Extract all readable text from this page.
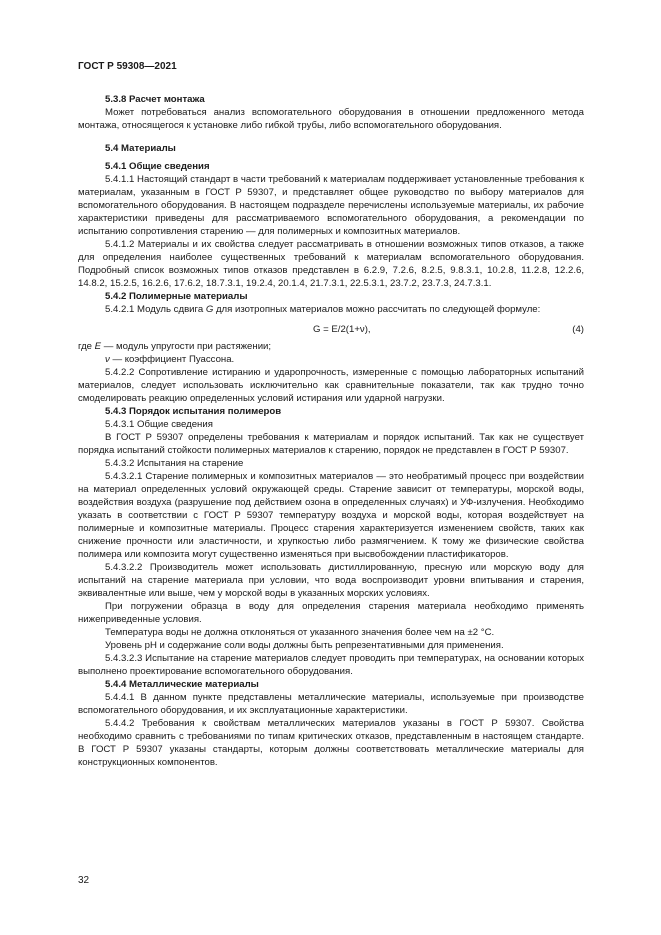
ГОСТ Р 59308—2021

5.3.8 Расчет монтажа

Может потребоваться анализ вспомогательного оборудования в отношении предложенного метода монтажа, относящегося к установке либо гибкой трубы, либо вспомогательного оборудования.

5.4 Материалы

5.4.1 Общие сведения

5.4.1.1 Настоящий стандарт в части требований к материалам поддерживает установленные требования к материалам, указанным в ГОСТ Р 59307, и представляет общее руководство по выбору материалов для вспомогательного оборудования. В настоящем подразделе перечислены используемые материалы, их рабочие характеристики приведены для рассматриваемого вспомогательного оборудования, а рекомендации по испытанию сопротивления старению — для полимерных и композитных материалов.

5.4.1.2 Материалы и их свойства следует рассматривать в отношении возможных типов отказов, а также для определения наиболее существенных требований к материалам вспомогательного оборудования. Подробный список возможных типов отказов представлен в 6.2.9, 7.2.6, 8.2.5, 9.8.3.1, 10.2.8, 11.2.8, 12.2.6, 14.8.2, 15.2.5, 16.2.6, 17.6.2, 18.7.3.1, 19.2.4, 20.1.4, 21.7.3.1, 22.5.3.1, 23.7.2, 23.7.3, 24.7.3.1.

5.4.2 Полимерные материалы

5.4.2.1 Модуль сдвига G для изотропных материалов можно рассчитать по следующей формуле:

G = E/2(1+ν),	(4)

где E — модуль упругости при растяжении;

ν — коэффициент Пуассона.

5.4.2.2 Сопротивление истиранию и ударопрочность, измеренные с помощью лабораторных испытаний материалов, следует использовать исключительно как сравнительные показатели, так как трудно точно смоделировать реакцию определенных условий истирания или ударной нагрузки.

5.4.3 Порядок испытания полимеров

5.4.3.1 Общие сведения

В ГОСТ Р 59307 определены требования к материалам и порядок испытаний. Так как не существует порядка испытаний стойкости полимерных материалов к старению, порядок не представлен в ГОСТ Р 59307.

5.4.3.2 Испытания на старение

5.4.3.2.1 Старение полимерных и композитных материалов — это необратимый процесс при воздействии на материал определенных условий окружающей среды. Старение зависит от температуры, морской воды, воздействия воздуха (разрушение под действием озона в определенных случаях) и УФ-излучения. Необходимо указать в соответствии с ГОСТ Р 59307 температуру воздуха и морской воды, которая воздействует на полимерные и композитные материалы. Процесс старения характеризуется изменением свойств, таких как снижение прочности или эластичности, и хрупкостью либо размягчением. К тому же физические свойства полимера или композита могут существенно изменяться при высвобождении пластификаторов.

5.4.3.2.2 Производитель может использовать дистиллированную, пресную или морскую воду для испытаний на старение материала при условии, что вода воспроизводит уровни впитывания и старения, эквивалентные или выше, чем у морской воды в указанных морских условиях.

При погружении образца в воду для определения старения материала необходимо применять нижеприведенные условия.

Температура воды не должна отклоняться от указанного значения более чем на ±2 °С.

Уровень pH и содержание соли воды должны быть репрезентативными для применения.

5.4.3.2.3 Испытание на старение материалов следует проводить при температурах, на основании которых выполнено проектирование вспомогательного оборудования.

5.4.4 Металлические материалы

5.4.4.1 В данном пункте представлены металлические материалы, используемые при производстве вспомогательного оборудования, и их эксплуатационные характеристики.

5.4.4.2 Требования к свойствам металлических материалов указаны в ГОСТ Р 59307. Свойства необходимо сравнить с требованиями по типам критических отказов, представленным в настоящем стандарте. В ГОСТ Р 59307 указаны стандарты, которым должны соответствовать металлические материалы для конструкционных компонентов.

32
